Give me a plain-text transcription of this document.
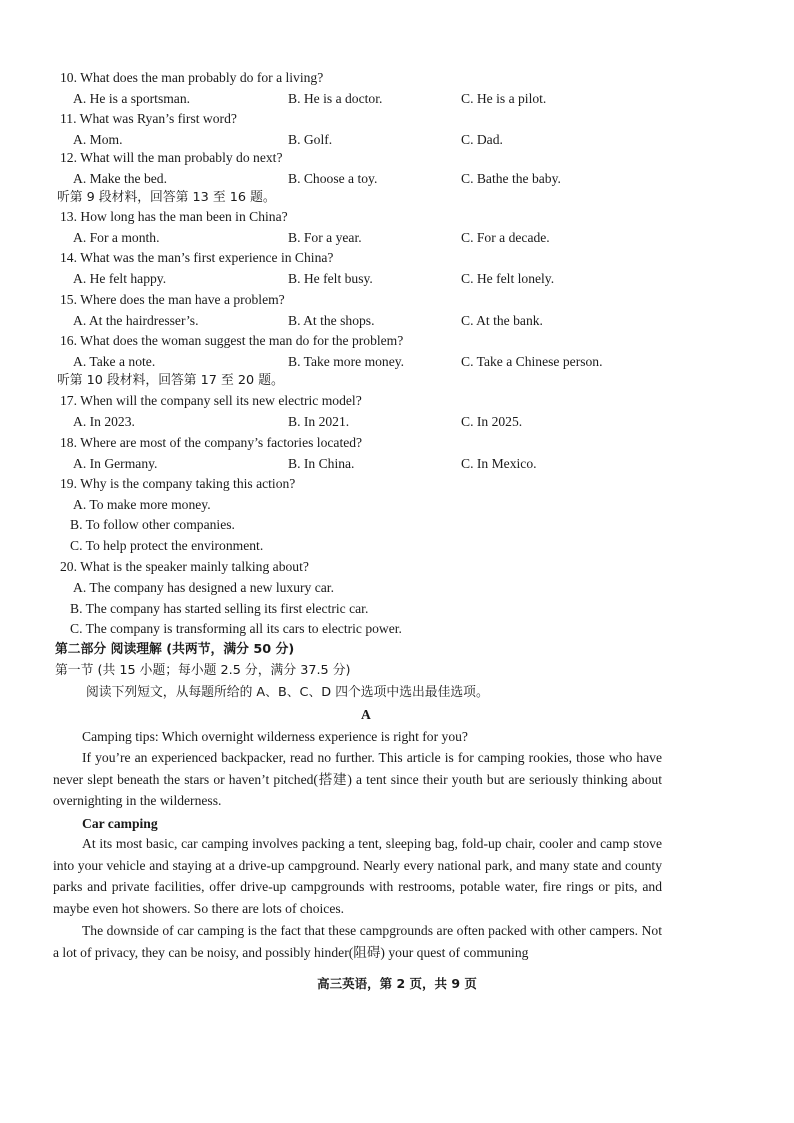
10. What does the man probably do for a living?
A. He is a sportsman.	B. He is a doctor.	C. He is a pilot.
11. What was Ryan’s first word?
A. Mom.	B. Golf.	C. Dad.
12. What will the man probably do next?
A. Make the bed.	B. Choose a toy.	C. Bathe the baby.
听第 9 段材料，回答第 13 至 16 题。
13. How long has the man been in China?
A. For a month.	B. For a year.	C. For a decade.
14. What was the man’s first experience in China?
A. He felt happy.	B. He felt busy.	C. He felt lonely.
15. Where does the man have a problem?
A. At the hairdresser’s.	B. At the shops.	C. At the bank.
16. What does the woman suggest the man do for the problem?
A. Take a note.	B. Take more money.	C. Take a Chinese person.
听第 10 段材料，回答第 17 至 20 题。
17. When will the company sell its new electric model?
A. In 2023.	B. In 2021.	C. In 2025.
18. Where are most of the company’s factories located?
A. In Germany.	B. In China.	C. In Mexico.
19. Why is the company taking this action?
A. To make more money.
B. To follow other companies.
C. To help protect the environment.
20. What is the speaker mainly talking about?
A. The company has designed a new luxury car.
B. The company has started selling its first electric car.
C. The company is transforming all its cars to electric power.
第二部分 阅读理解 (共两节，满分 50 分)
第一节 (共 15 小题；每小题 2.5 分，满分 37.5 分)
阅读下列短文，从每题所给的 A、B、C、D 四个选项中选出最佳选项。
A
Camping tips: Which overnight wilderness experience is right for you?
If you’re an experienced backpacker, read no further. This article is for camping rookies, those who have never slept beneath the stars or haven’t pitched(搭建) a tent since their youth but are seriously thinking about overnighting in the wilderness.
Car camping
At its most basic, car camping involves packing a tent, sleeping bag, fold-up chair, cooler and camp stove into your vehicle and staying at a drive-up campground. Nearly every national park, and many state and county parks and private facilities, offer drive-up campgrounds with restrooms, potable water, fire rings or pits, and maybe even hot showers. So there are lots of choices.
The downside of car camping is the fact that these campgrounds are often packed with other campers. Not a lot of privacy, they can be noisy, and possibly hinder(阻碍) your quest of communing
高三英语，第 2 页，共 9 页
